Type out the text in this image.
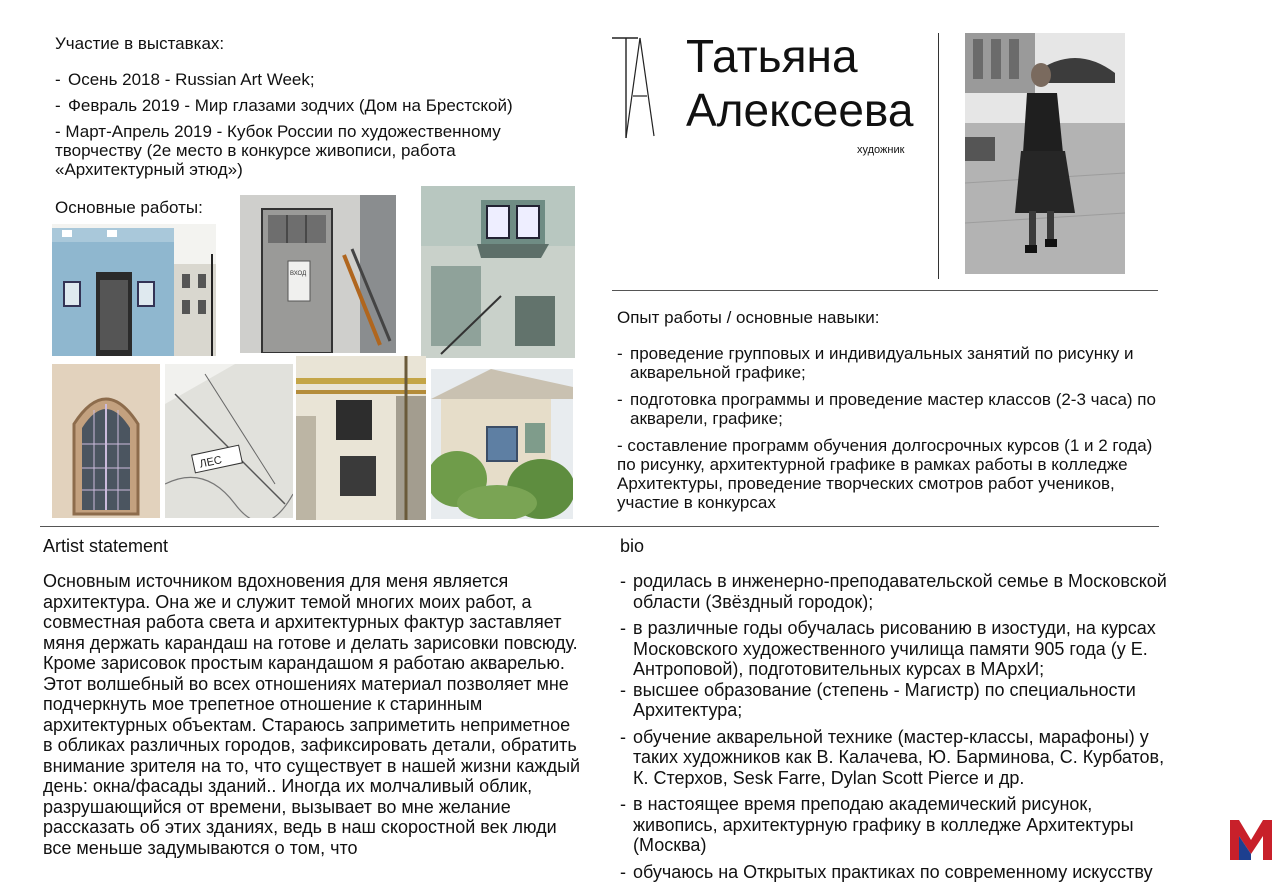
Участие в выставках:
- Осень 2018 - Russian Art Week;
- Февраль 2019 - Мир глазами зодчих (Дом на Брестской)
- Март-Апрель 2019 - Кубок России по художественному творчеству (2е место в конкурсе живописи, работа «Архитектурный этюд»)
Основные работы:
ВХОД
ЛЕС
Татьяна
Алексеева
художник
Опыт работы / основные навыки:
- проведение групповых и индивидуальных занятий по рисунку и акварельной графике;
- подготовка программы и проведение мастер классов (2-3 часа) по акварели, графике;
- составление программ обучения долгосрочных курсов (1 и 2 года) по рисунку, архитектурной графике в рамках работы в колледже Архитектуры, проведение творческих смотров работ учеников, участие в конкурсах
Artist statement
Основным источником вдохновения для меня является архитектура. Она же и служит темой многих моих работ, а совместная работа света и архитектурных фактур заставляет мяня держать карандаш на готове и делать зарисовки повсюду. Кроме зарисовок простым карандашом я работаю акварелью. Этот волшебный во всех отношениях материал позволяет мне подчеркнуть мое трепетное отношение к старинным архитектурных объектам. Стараюсь заприметить неприметное в обликах различных городов, зафиксировать детали, обратить внимание зрителя на то, что существует в нашей жизни каждый день: окна/фасады зданий.. Иногда их молчаливый облик, разрушающийся от времени, вызывает во мне желание рассказать об этих зданиях, ведь в наш скоростной век люди все меньше задумываются о том, что
bio
- родилась в инженерно-преподавательской семье в Московской области (Звёздный городок);
- в различные годы обучалась рисованию в изостуди, на курсах Московского художественного училища памяти 905 года (у Е. Антроповой), подготовительных курсах в МАрхИ;
- высшее образование (степень - Магистр) по специальности Архитектура;
- обучение акварельной технике (мастер-классы, марафоны) у таких художников как В. Калачева, Ю. Барминова, С. Курбатов, К. Стерхов, Sesk Farre, Dylan Scott Pierce и др.
- в настоящее время преподаю академический рисунок, живопись, архитектурную графику в колледже Архитектуры (Москва)
- обучаюсь на Открытых практиках по современному искусству
